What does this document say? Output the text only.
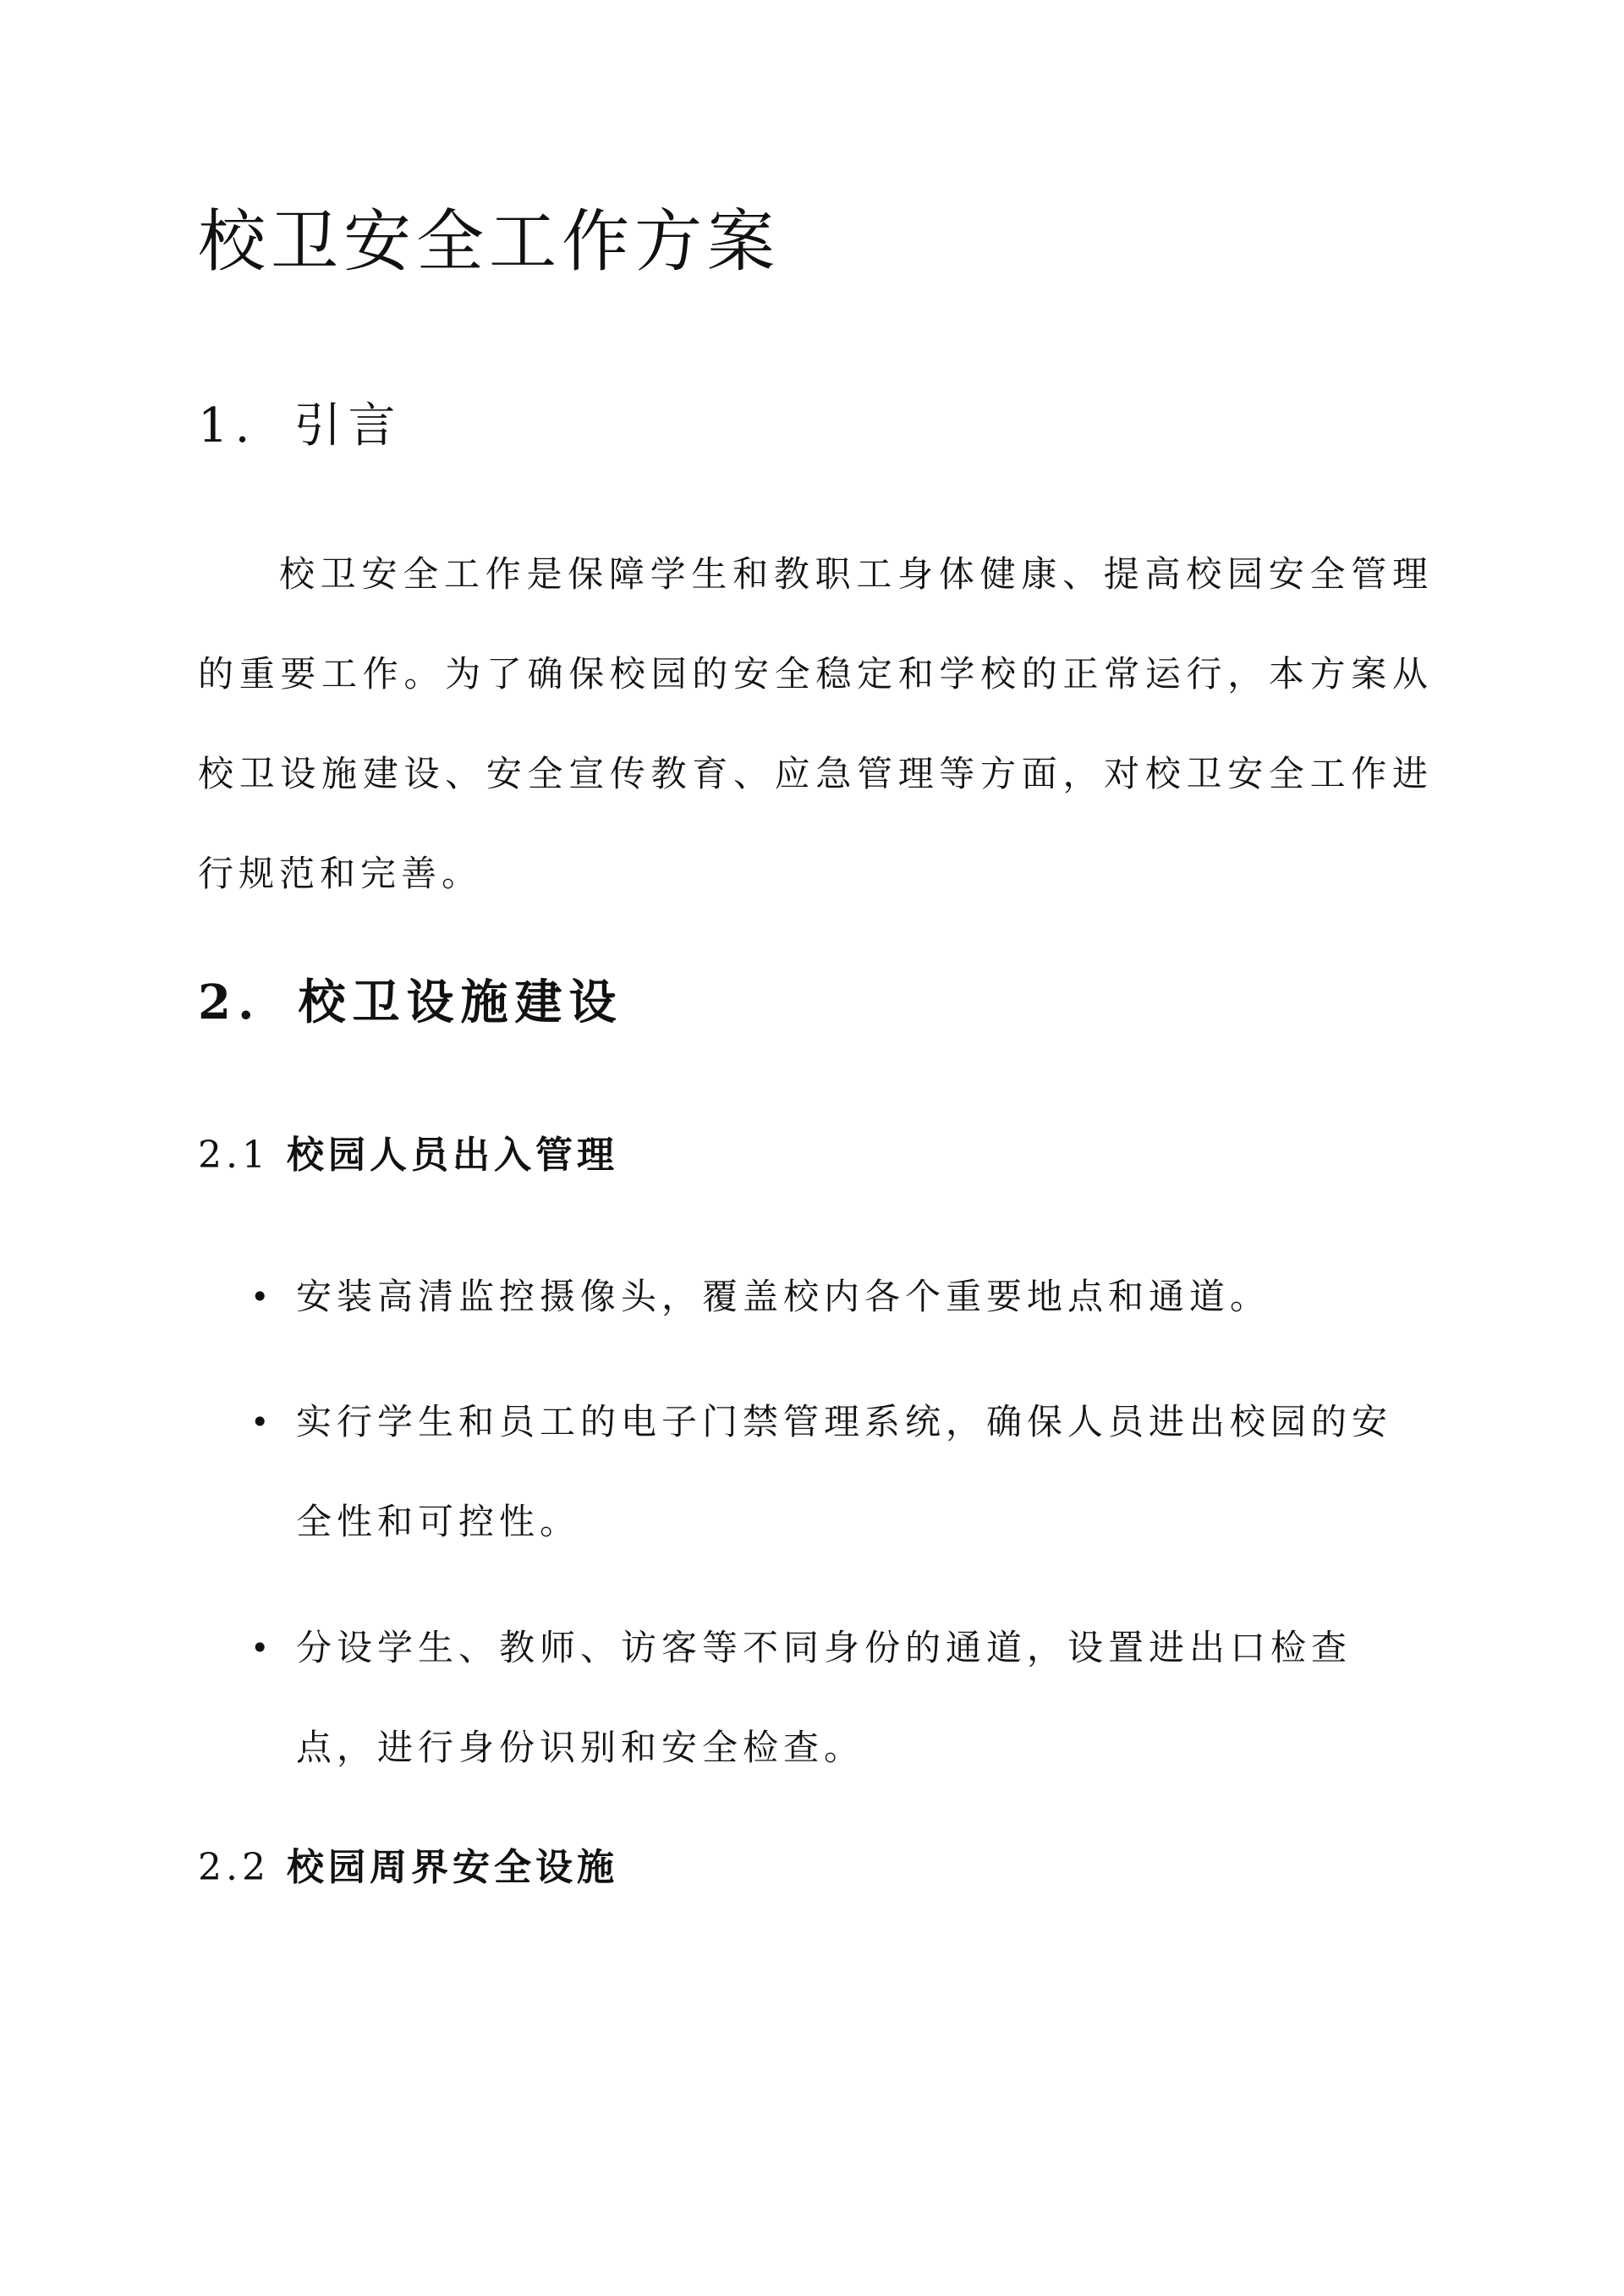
校卫安全工作方案
1. 引言

校卫安全工作是保障学生和教职工身体健康、提高校园安全管理的重要工作。为了确保校园的安全稳定和学校的正常运行，本方案从校卫设施建设、安全宣传教育、应急管理等方面，对校卫安全工作进行规范和完善。

2. 校卫设施建设
2.1 校园人员出入管理
• 安装高清监控摄像头，覆盖校内各个重要地点和通道。
• 实行学生和员工的电子门禁管理系统，确保人员进出校园的安全性和可控性。
• 分设学生、教师、访客等不同身份的通道，设置进出口检查点，进行身份识别和安全检查。
2.2 校园周界安全设施
